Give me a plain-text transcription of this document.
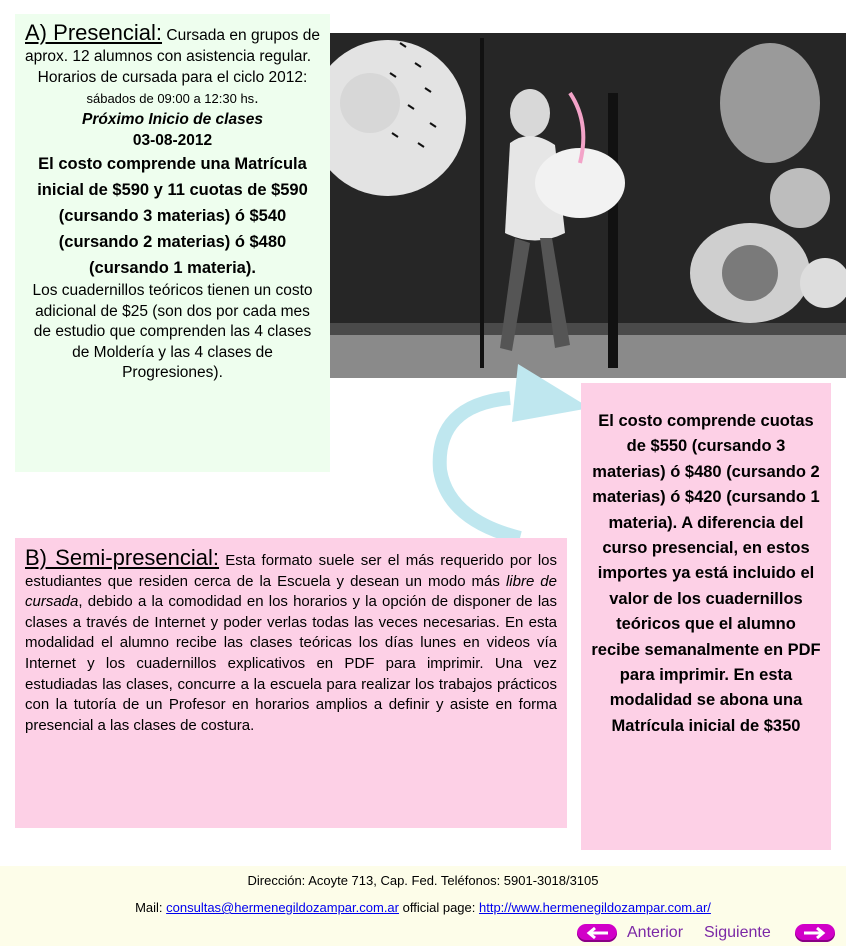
A) Presencial: Cursada en grupos de aprox. 12 alumnos con asistencia regular.
Horarios de cursada para el ciclo 2012: sábados de 09:00 a 12:30 hs.
Próximo Inicio de clases
03-08-2012
El costo comprende una Matrícula inicial de $590 y 11 cuotas de $590 (cursando 3 materias) ó $540 (cursando 2 materias) ó $480 (cursando 1 materia).
Los cuadernillos teóricos tienen un costo adicional de $25 (son dos por cada mes de estudio que comprenden las 4 clases de Moldería y las 4 clases de Progresiones).
El costo comprende cuotas de $550 (cursando 3 materias) ó $480 (cursando 2 materias) ó $420 (cursando 1 materia). A diferencia del curso presencial, en estos importes ya está incluido el valor de los cuadernillos teóricos que el alumno recibe semanalmente en PDF para imprimir. En esta modalidad se abona una Matrícula inicial de $350
B) Semi-presencial: Esta formato suele ser el más requerido por los estudiantes que residen cerca de la Escuela y desean un modo más libre de cursada, debido a la comodidad en los horarios y la opción de disponer de las clases a través de Internet y poder verlas todas las veces necesarias. En esta modalidad el alumno recibe las clases teóricas los días lunes en videos vía Internet y los cuadernillos explicativos en PDF para imprimir. Una vez estudiadas las clases, concurre a la escuela para realizar los trabajos prácticos con la tutoría de un Profesor en horarios amplios a definir y asiste en forma presencial a las clases de costura.
Dirección: Acoyte 713, Cap. Fed. Teléfonos: 5901-3018/3105
Mail: consultas@hermenegildozampar.com.ar official page: http://www.hermenegildozampar.com.ar/
Anterior Siguiente
